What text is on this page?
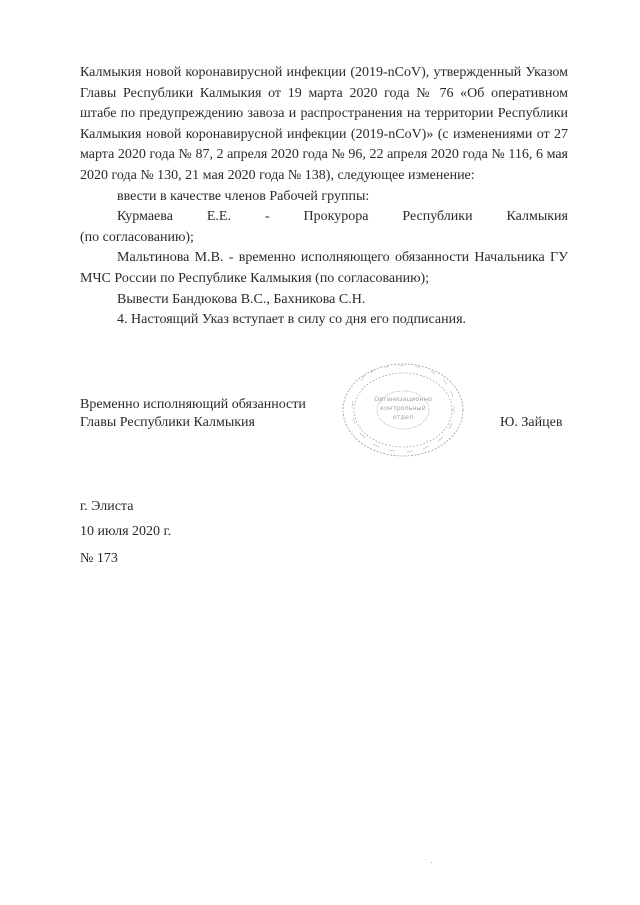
Калмыкия новой коронавирусной инфекции (2019-nCoV), утвержденный Указом Главы Республики Калмыкия от 19 марта 2020 года № 76 «Об оперативном штабе по предупреждению завоза и распространения на территории Республики Калмыкия новой коронавирусной инфекции (2019-nCoV)» (с изменениями от 27 марта 2020 года № 87, 2 апреля 2020 года № 96, 22 апреля 2020 года № 116, 6 мая 2020 года № 130, 21 мая 2020 года № 138), следующее изменение:

ввести в качестве членов Рабочей группы:

Курмаева Е.Е. - Прокурора Республики Калмыкия

(по согласованию);

Мальтинова М.В. - временно исполняющего обязанности Начальника ГУ МЧС России по Республике Калмыкия (по согласованию);

Вывести Бандюкова В.С., Бахникова С.Н.

4. Настоящий Указ вступает в силу со дня его подписания.

Временно исполняющий обязанности
Главы Республики Калмыкия
Организационно
контрольный
отдел	Ю. Зайцев
г. Элиста
10 июля 2020 г.
№ 173
